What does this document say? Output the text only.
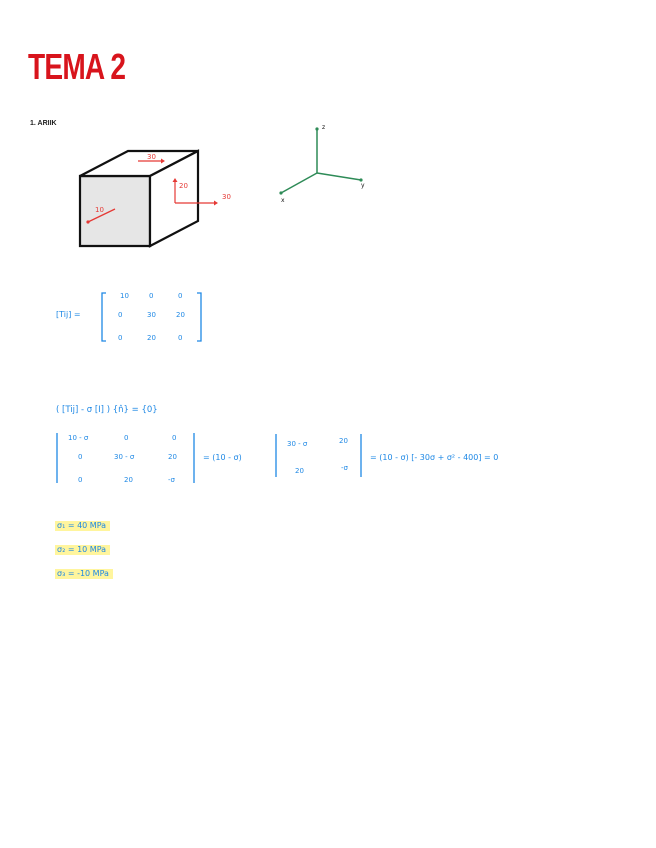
TEMA 2
1. ARIIK
10
30
20
30
z
y
x
[Tij] =
10	0	0
0	30	20
0	20	0
( [Tij] - σ [I] ) {n̂} = {0}
10 - σ	0	0
0	30 - σ	20
0	20	-σ
= (10 - σ)
30 - σ	20
20	-σ
= (10 - σ) [- 30σ + σ² - 400] = 0
σ₁ = 40 MPa
σ₂ = 10 MPa
σ₃ = -10 MPa
